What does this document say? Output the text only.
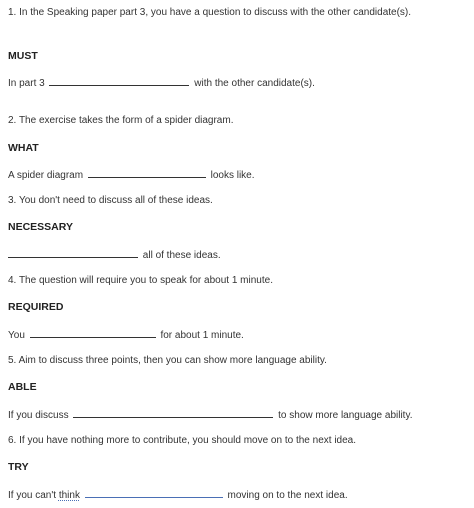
1. In the Speaking paper part 3, you have a question to discuss with the other candidate(s).
MUST
In part 3	with the other candidate(s).
2. The exercise takes the form of a spider diagram.
WHAT
A spider diagram	looks like.
3. You don't need to discuss all of these ideas.
NECESSARY
all of these ideas.
4. The question will require you to speak for about 1 minute.
REQUIRED
You	for about 1 minute.
5. Aim to discuss three points, then you can show more language ability.
ABLE
If you discuss	to show more language ability.
6. If you have nothing more to contribute, you should move on to the next idea.
TRY
If you can't think	moving on to the next idea.
